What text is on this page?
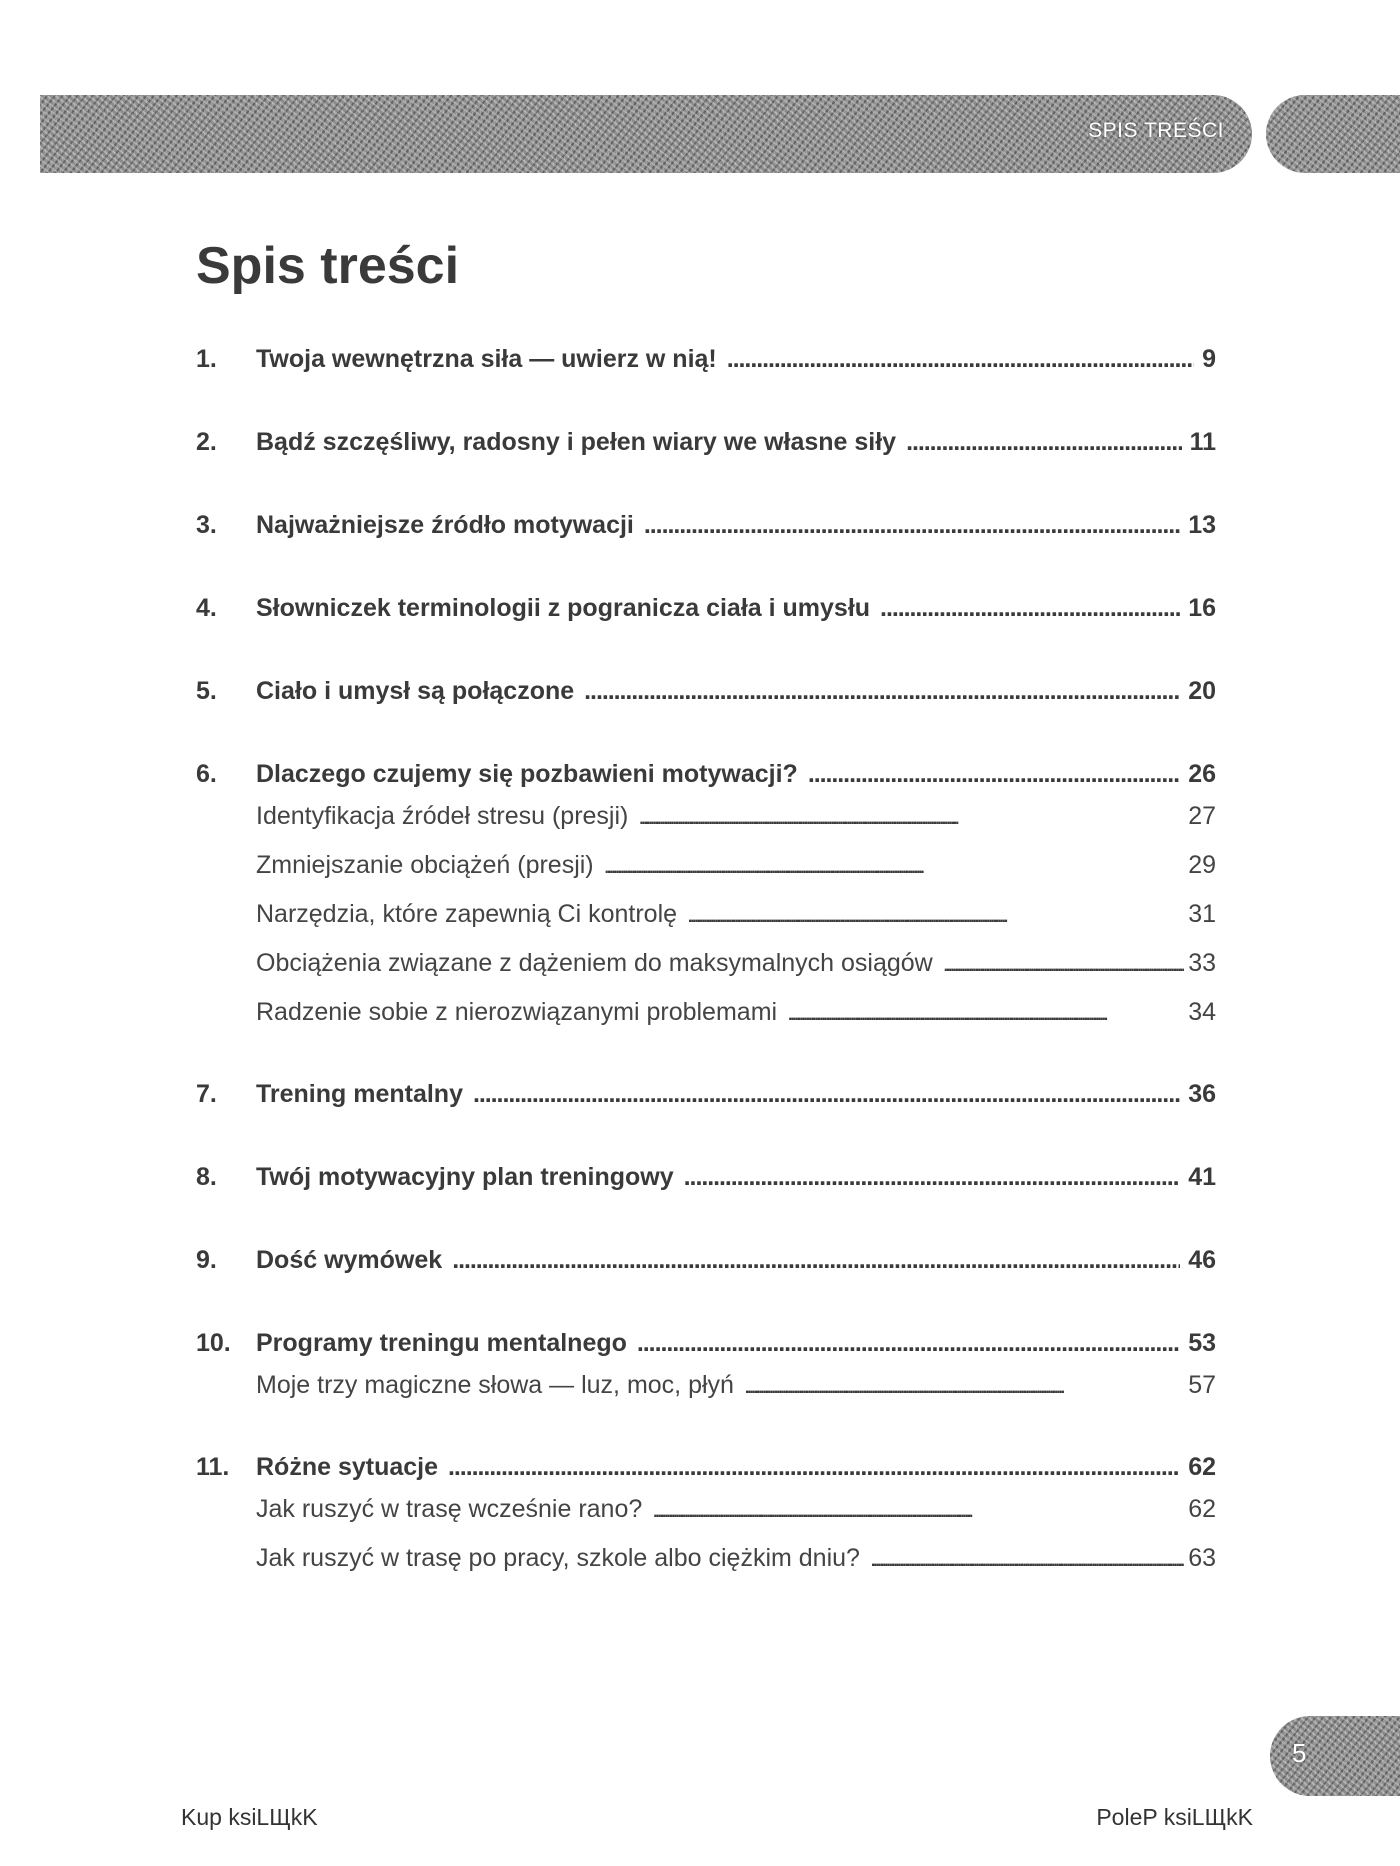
SPIS TREŚCI
Spis treści
1.	Twoja wewnętrzna siła — uwierz w nią! . . .	9
2.	Bądź szczęśliwy, radosny i pełen wiary we własne siły . . .	11
3.	Najważniejsze źródło motywacji . . .	13
4.	Słowniczek terminologii z pogranicza ciała i umysłu . . .	16
5.	Ciało i umysł są połączone . . .	20
6.	Dlaczego czujemy się pozbawieni motywacji? . . .	26
Identyfikacja źródeł stresu (presji) . . .	27
Zmniejszanie obciążeń (presji) . . .	29
Narzędzia, które zapewnią Ci kontrolę . . .	31
Obciążenia związane z dążeniem do maksymalnych osiągów . . .	33
Radzenie sobie z nierozwiązanymi problemami . . .	34
7.	Trening mentalny . . .	36
8.	Twój motywacyjny plan treningowy . . .	41
9.	Dość wymówek . . .	46
10.	Programy treningu mentalnego . . .	53
Moje trzy magiczne słowa — luz, moc, płyń . . .	57
11.	Różne sytuacje . . .	62
Jak ruszyć w trasę wcześnie rano? . . .	62
Jak ruszyć w trasę po pracy, szkole albo ciężkim dniu? . . .	63
5
Kup ksiLЩkK	PoleP ksiLЩkK
